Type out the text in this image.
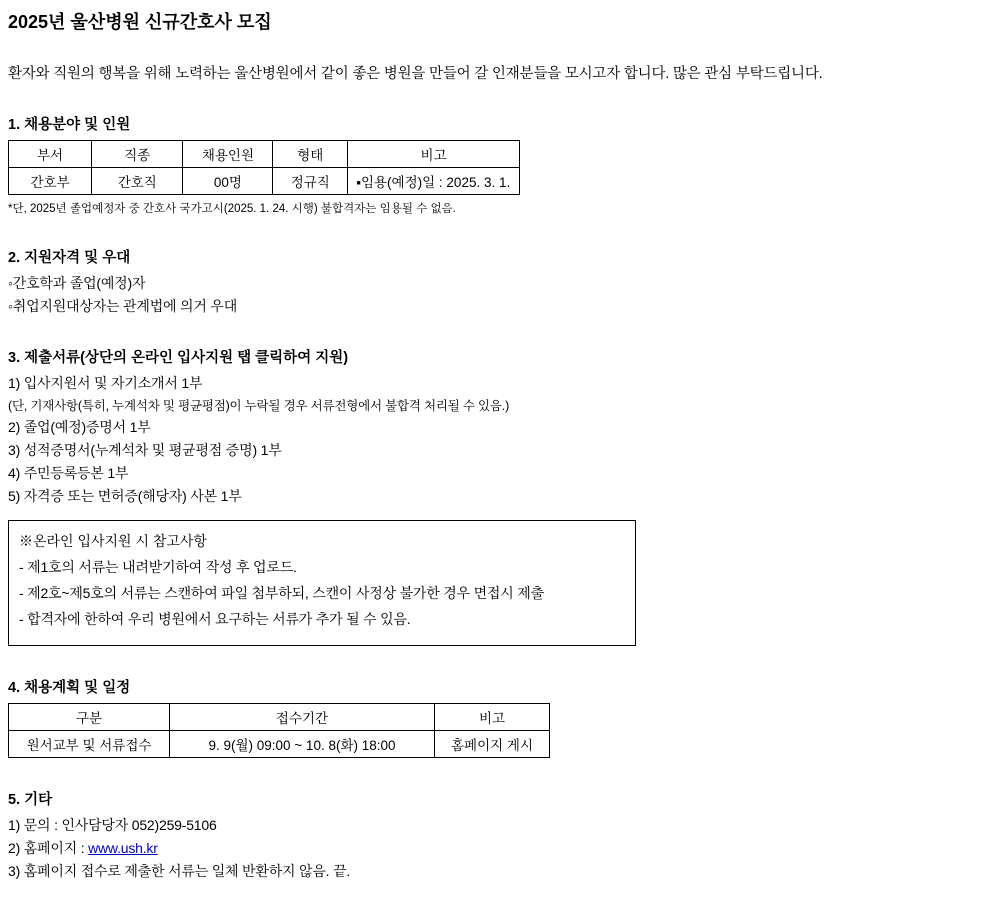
2025년 울산병원 신규간호사 모집

환자와 직원의 행복을 위해 노력하는 울산병원에서 같이 좋은 병원을 만들어 갈 인재분들을 모시고자 합니다. 많은 관심 부탁드립니다.

1. 채용분야 및 인원
부서	직종	채용인원	형태	비고
간호부	간호직	00명	정규직	▪임용(예정)일 : 2025. 3. 1.

*단, 2025년 졸업예정자 중 간호사 국가고시(2025. 1. 24. 시행) 불합격자는 임용될 수 없음.

2. 지원자격 및 우대

◦간호학과 졸업(예정)자

◦취업지원대상자는 관계법에 의거 우대

3. 제출서류(상단의 온라인 입사지원 탭 클릭하여 지원)

1) 입사지원서 및 자기소개서 1부

(단, 기재사항(특히, 누계석차 및 평균평점)이 누락될 경우 서류전형에서 불합격 처리될 수 있음.)

2) 졸업(예정)증명서 1부

3) 성적증명서(누계석차 및 평균평점 증명) 1부

4) 주민등록등본 1부

5) 자격증 또는 면허증(해당자) 사본 1부

※온라인 입사지원 시 참고사항

- 제1호의 서류는 내려받기하여 작성 후 업로드.

- 제2호~제5호의 서류는 스캔하여 파일 첨부하되, 스캔이 사정상 불가한 경우 면접시 제출

- 합격자에 한하여 우리 병원에서 요구하는 서류가 추가 될 수 있음.

4. 채용계획 및 일정
구분	접수기간	비고
원서교부 및 서류접수	9. 9(월) 09:00 ~ 10. 8(화) 18:00	홈페이지 게시
5. 기타

1) 문의 : 인사담당자 052)259-5106

2) 홈페이지 : www.ush.kr

3) 홈페이지 접수로 제출한 서류는 일체 반환하지 않음. 끝.
